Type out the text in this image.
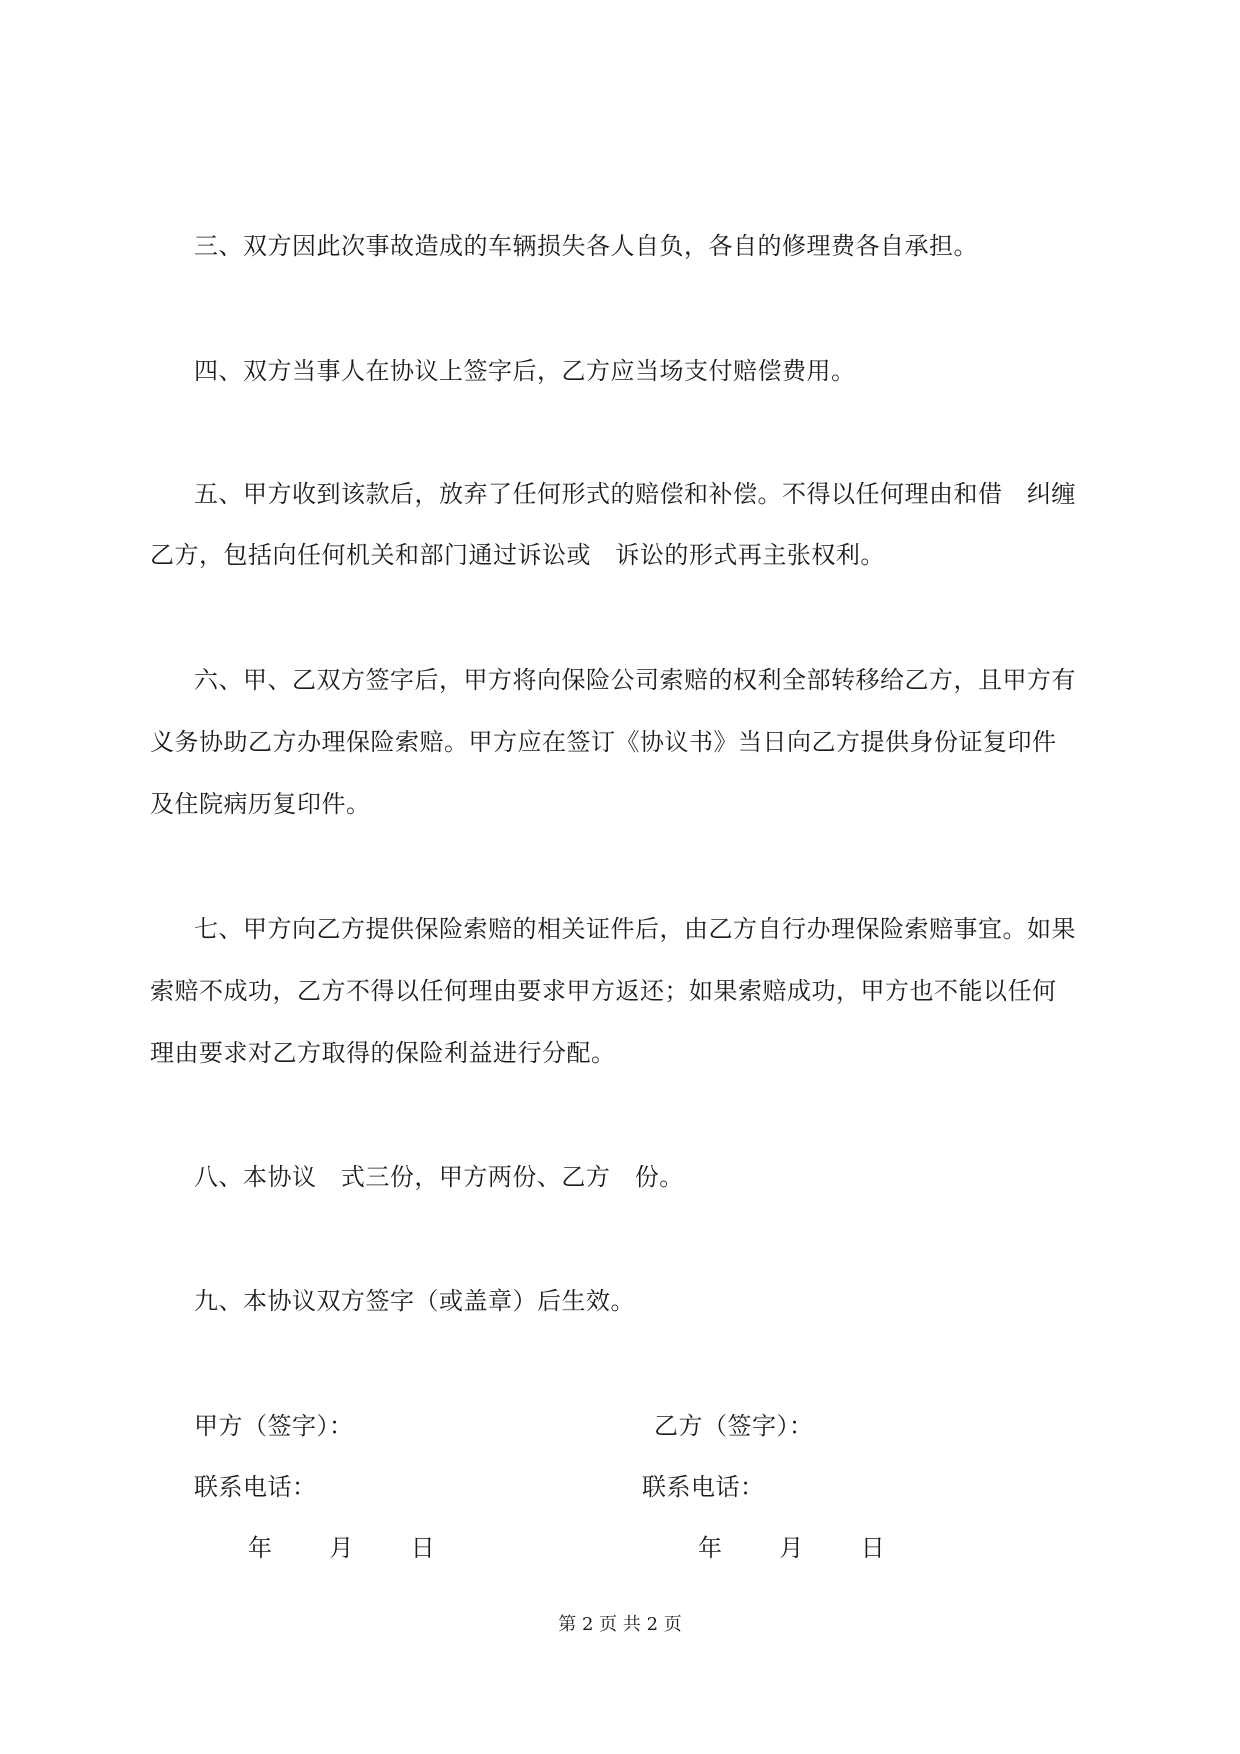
三、双方因此次事故造成的车辆损失各人自负，各自的修理费各自承担。
四、双方当事人在协议上签字后，乙方应当场支付赔偿费用。
五、甲方收到该款后，放弃了任何形式的赔偿和补偿。不得以任何理由和借   纠缠
乙方，包括向任何机关和部门通过诉讼或   诉讼的形式再主张权利。
六、甲、乙双方签字后，甲方将向保险公司索赔的权利全部转移给乙方，且甲方有
义务协助乙方办理保险索赔。甲方应在签订《协议书》当日向乙方提供身份证复印件
及住院病历复印件。
七、甲方向乙方提供保险索赔的相关证件后，由乙方自行办理保险索赔事宜。如果
索赔不成功，乙方不得以任何理由要求甲方返还；如果索赔成功，甲方也不能以任何
理由要求对乙方取得的保险利益进行分配。
八、本协议   式三份，甲方两份、乙方   份。
九、本协议双方签字（或盖章）后生效。
甲方（签字）：
联系电话：
年       月       日
乙方（签字）：
联系电话：
年       月       日
第 2 页 共 2 页
